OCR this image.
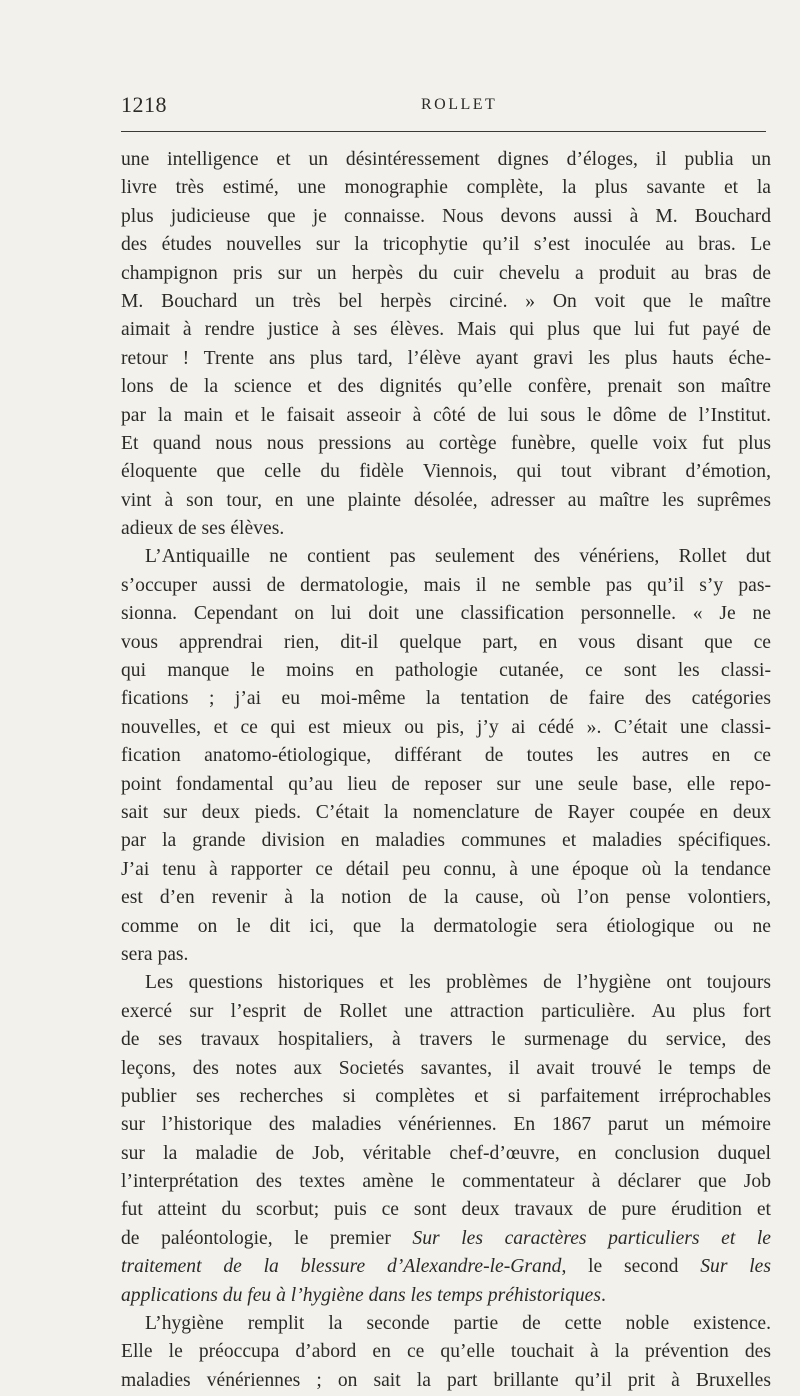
1218	ROLLET
une intelligence et un désintéressement dignes d’éloges, il publia un
livre très estimé, une monographie complète, la plus savante et la
plus judicieuse que je connaisse. Nous devons aussi à M. Bouchard
des études nouvelles sur la tricophytie qu’il s’est inoculée au bras. Le
champignon pris sur un herpès du cuir chevelu a produit au bras de
M. Bouchard un très bel herpès circiné. » On voit que le maître
aimait à rendre justice à ses élèves. Mais qui plus que lui fut payé de
retour ! Trente ans plus tard, l’élève ayant gravi les plus hauts éche-
lons de la science et des dignités qu’elle confère, prenait son maître
par la main et le faisait asseoir à côté de lui sous le dôme de l’Institut.
Et quand nous nous pressions au cortège funèbre, quelle voix fut plus
éloquente que celle du fidèle Viennois, qui tout vibrant d’émotion,
vint à son tour, en une plainte désolée, adresser au maître les suprêmes
adieux de ses élèves.
L’Antiquaille ne contient pas seulement des vénériens, Rollet dut
s’occuper aussi de dermatologie, mais il ne semble pas qu’il s’y pas-
sionna. Cependant on lui doit une classification personnelle. « Je ne
vous apprendrai rien, dit-il quelque part, en vous disant que ce
qui manque le moins en pathologie cutanée, ce sont les classi-
fications ; j’ai eu moi-même la tentation de faire des catégories
nouvelles, et ce qui est mieux ou pis, j’y ai cédé ». C’était une classi-
fication anatomo-étiologique, différant de toutes les autres en ce
point fondamental qu’au lieu de reposer sur une seule base, elle repo-
sait sur deux pieds. C’était la nomenclature de Rayer coupée en deux
par la grande division en maladies communes et maladies spécifiques.
J’ai tenu à rapporter ce détail peu connu, à une époque où la tendance
est d’en revenir à la notion de la cause, où l’on pense volontiers,
comme on le dit ici, que la dermatologie sera étiologique ou ne
sera pas.
Les questions historiques et les problèmes de l’hygiène ont toujours
exercé sur l’esprit de Rollet une attraction particulière. Au plus fort
de ses travaux hospitaliers, à travers le surmenage du service, des
leçons, des notes aux Societés savantes, il avait trouvé le temps de
publier ses recherches si complètes et si parfaitement irréprochables
sur l’historique des maladies vénériennes. En 1867 parut un mémoire
sur la maladie de Job, véritable chef-d’œuvre, en conclusion duquel
l’interprétation des textes amène le commentateur à déclarer que Job
fut atteint du scorbut; puis ce sont deux travaux de pure érudition et
de paléontologie, le premier Sur les caractères particuliers et le
traitement de la blessure d’Alexandre-le-Grand, le second Sur les
applications du feu à l’hygiène dans les temps préhistoriques.
L’hygiène remplit la seconde partie de cette noble existence.
Elle le préoccupa d’abord en ce qu’elle touchait à la prévention des
maladies vénériennes ; on sait la part brillante qu’il prit à Bruxelles
